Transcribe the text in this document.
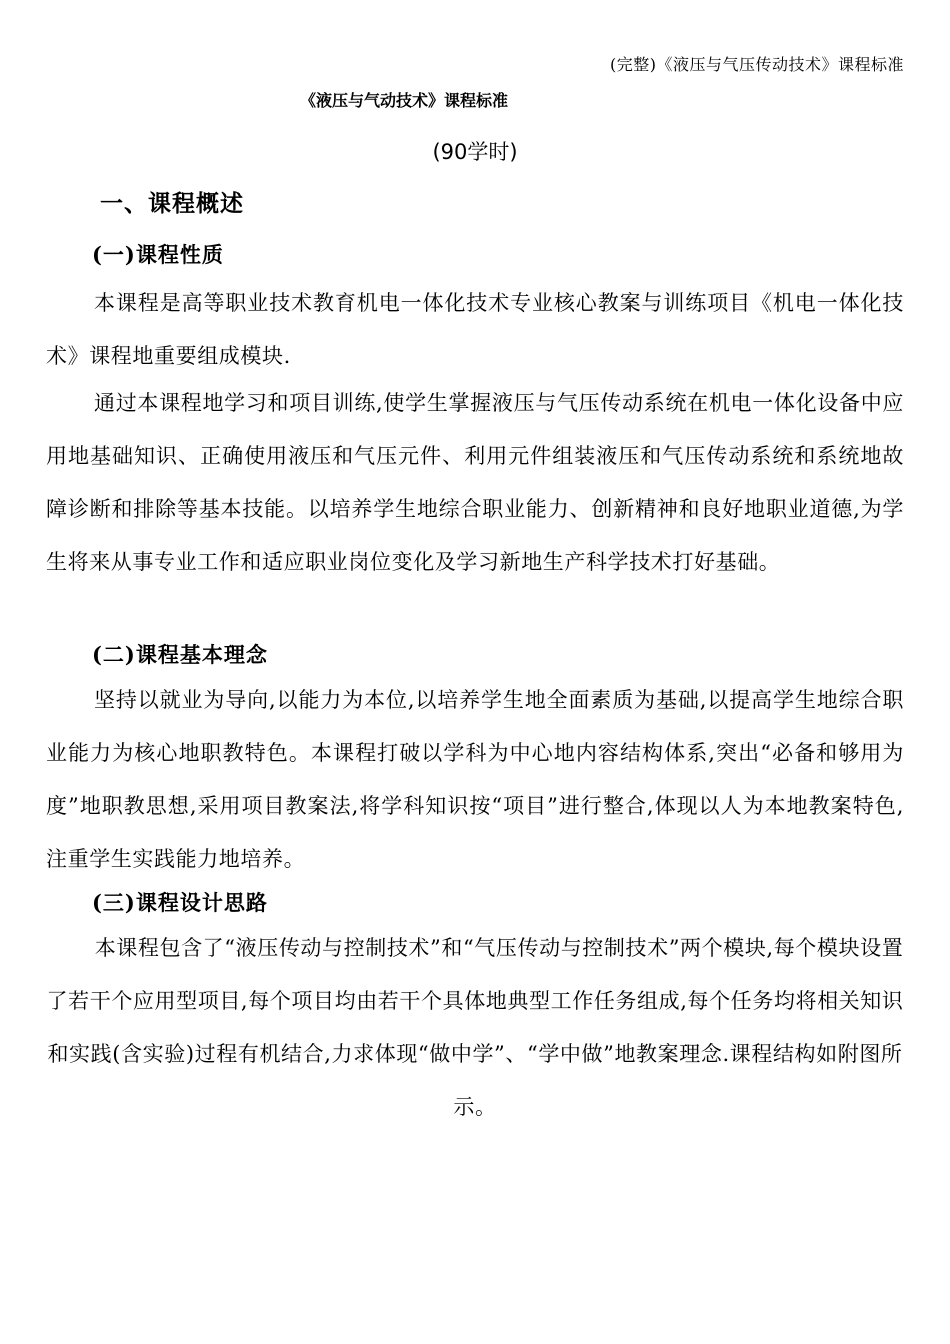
(完整)《液压与气压传动技术》课程标准
《液压与气动技术》课程标准
(90学时)
一、课程概述
(一)课程性质
本课程是高等职业技术教育机电一体化技术专业核心教案与训练项目《机电一体化技术》课程地重要组成模块.
通过本课程地学习和项目训练,使学生掌握液压与气压传动系统在机电一体化设备中应用地基础知识、正确使用液压和气压元件、利用元件组装液压和气压传动系统和系统地故障诊断和排除等基本技能。以培养学生地综合职业能力、创新精神和良好地职业道德,为学生将来从事专业工作和适应职业岗位变化及学习新地生产科学技术打好基础。
(二)课程基本理念
坚持以就业为导向,以能力为本位,以培养学生地全面素质为基础,以提高学生地综合职业能力为核心地职教特色。本课程打破以学科为中心地内容结构体系,突出“必备和够用为度”地职教思想,采用项目教案法,将学科知识按“项目”进行整合,体现以人为本地教案特色,注重学生实践能力地培养。
(三)课程设计思路
本课程包含了“液压传动与控制技术”和“气压传动与控制技术”两个模块,每个模块设置了若干个应用型项目,每个项目均由若干个具体地典型工作任务组成,每个任务均将相关知识和实践(含实验)过程有机结合,力求体现“做中学”、“学中做”地教案理念.课程结构如附图所示。
